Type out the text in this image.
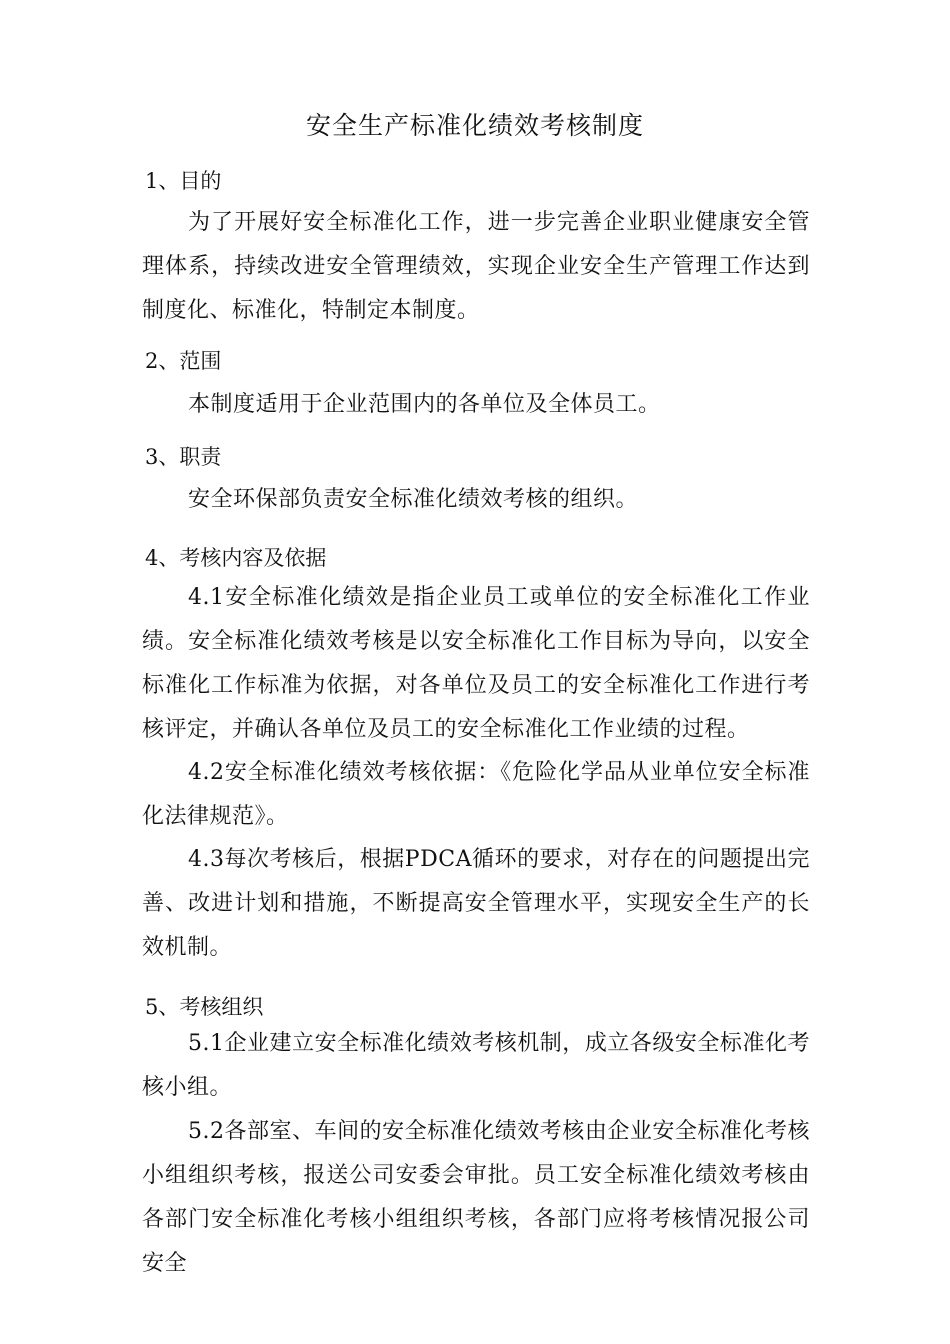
安全生产标准化绩效考核制度
1、目的
为了开展好安全标准化工作，进一步完善企业职业健康安全管理体系，持续改进安全管理绩效，实现企业安全生产管理工作达到制度化、标准化，特制定本制度。
2、范围
本制度适用于企业范围内的各单位及全体员工。
3、职责
安全环保部负责安全标准化绩效考核的组织。
4、考核内容及依据
4.1安全标准化绩效是指企业员工或单位的安全标准化工作业绩。安全标准化绩效考核是以安全标准化工作目标为导向，以安全标准化工作标准为依据，对各单位及员工的安全标准化工作进行考核评定，并确认各单位及员工的安全标准化工作业绩的过程。
4.2安全标准化绩效考核依据：《危险化学品从业单位安全标准化法律规范》。
4.3每次考核后，根据PDCA循环的要求，对存在的问题提出完善、改进计划和措施，不断提高安全管理水平，实现安全生产的长效机制。
5、考核组织
5.1企业建立安全标准化绩效考核机制，成立各级安全标准化考核小组。
5.2各部室、车间的安全标准化绩效考核由企业安全标准化考核小组组织考核，报送公司安委会审批。员工安全标准化绩效考核由各部门安全标准化考核小组组织考核，各部门应将考核情况报公司安全
